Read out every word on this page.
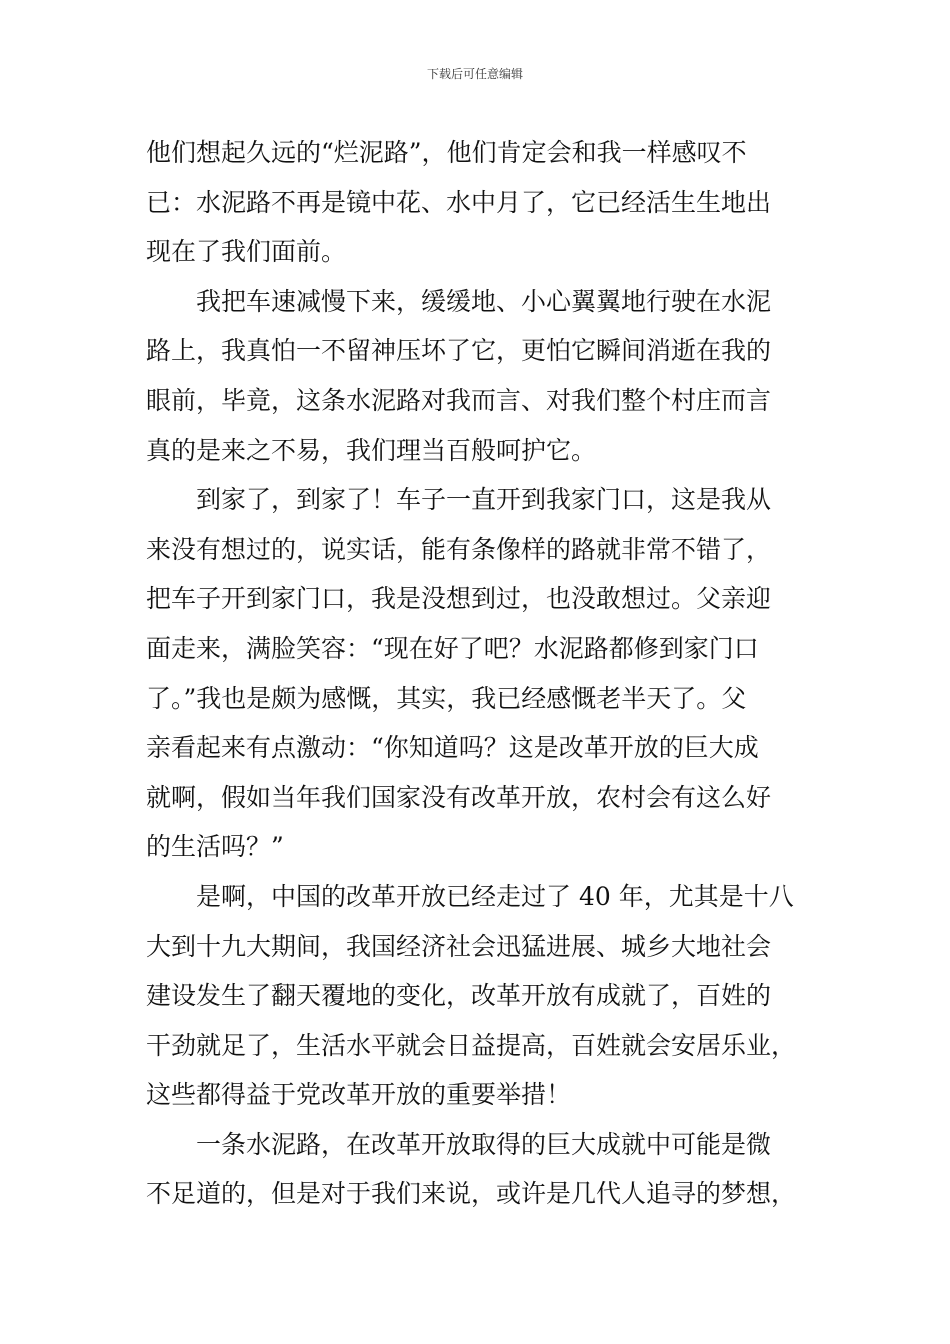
下载后可任意编辑
他们想起久远的“烂泥路”，他们肯定会和我一样感叹不
已：水泥路不再是镜中花、水中月了，它已经活生生地出
现在了我们面前。
我把车速减慢下来，缓缓地、小心翼翼地行驶在水泥
路上，我真怕一不留神压坏了它，更怕它瞬间消逝在我的
眼前，毕竟，这条水泥路对我而言、对我们整个村庄而言
真的是来之不易，我们理当百般呵护它。
到家了，到家了！车子一直开到我家门口，这是我从
来没有想过的，说实话，能有条像样的路就非常不错了，
把车子开到家门口，我是没想到过，也没敢想过。父亲迎
面走来，满脸笑容：“现在好了吧？水泥路都修到家门口
了。”我也是颇为感慨，其实，我已经感慨老半天了。父
亲看起来有点激动：“你知道吗？这是改革开放的巨大成
就啊，假如当年我们国家没有改革开放，农村会有这么好
的生活吗？”
是啊，中国的改革开放已经走过了 40 年，尤其是十八
大到十九大期间，我国经济社会迅猛进展、城乡大地社会
建设发生了翻天覆地的变化，改革开放有成就了，百姓的
干劲就足了，生活水平就会日益提高，百姓就会安居乐业，
这些都得益于党改革开放的重要举措！
一条水泥路，在改革开放取得的巨大成就中可能是微
不足道的，但是对于我们来说，或许是几代人追寻的梦想，
